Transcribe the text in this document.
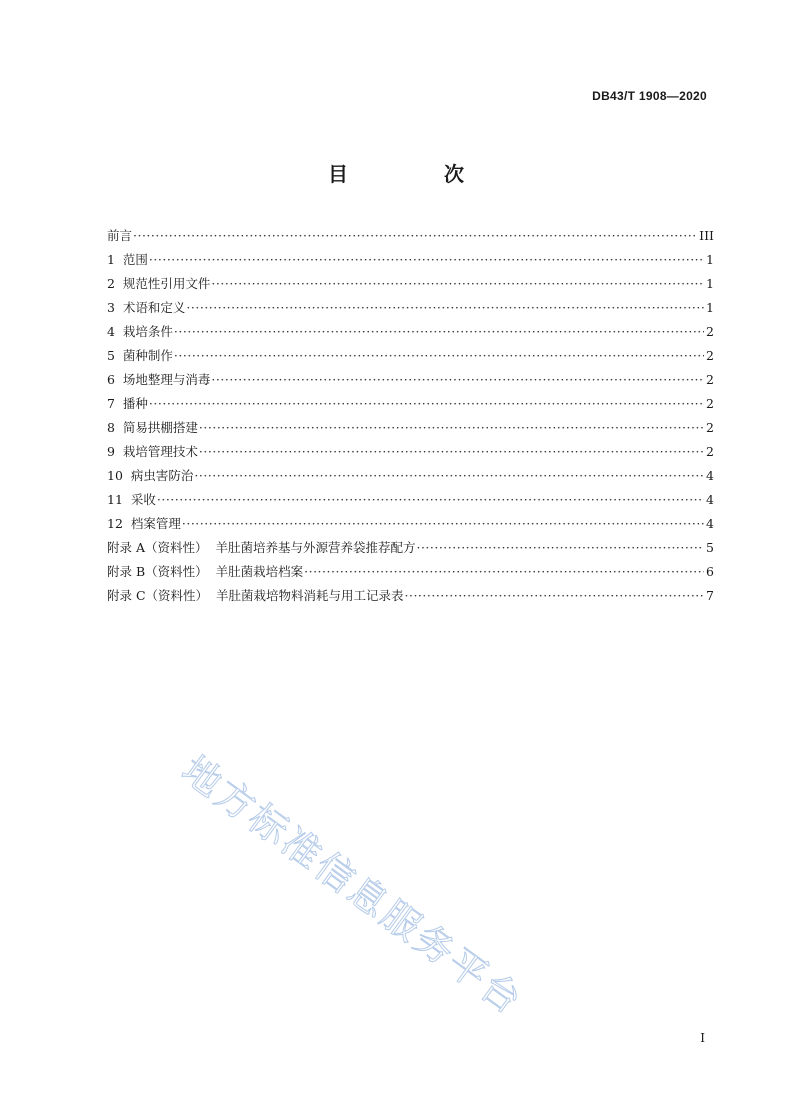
DB43/T 1908—2020
目　次
前言 ·····	III
1 范围 ·····	1
2 规范性引用文件 ·····	1
3 术语和定义 ·····	1
4 栽培条件 ·····	2
5 菌种制作 ·····	2
6 场地整理与消毒 ·····	2
7 播种 ·····	2
8 简易拱棚搭建 ·····	2
9 栽培管理技术 ·····	2
10 病虫害防治 ·····	4
11 采收 ·····	4
12 档案管理 ·····	4
附录 A（资料性） 羊肚菌培养基与外源营养袋推荐配方 ·····	5
附录 B（资料性） 羊肚菌栽培档案 ·····	6
附录 C（资料性） 羊肚菌栽培物料消耗与用工记录表 ·····	7
地方标准信息服务平台
I
